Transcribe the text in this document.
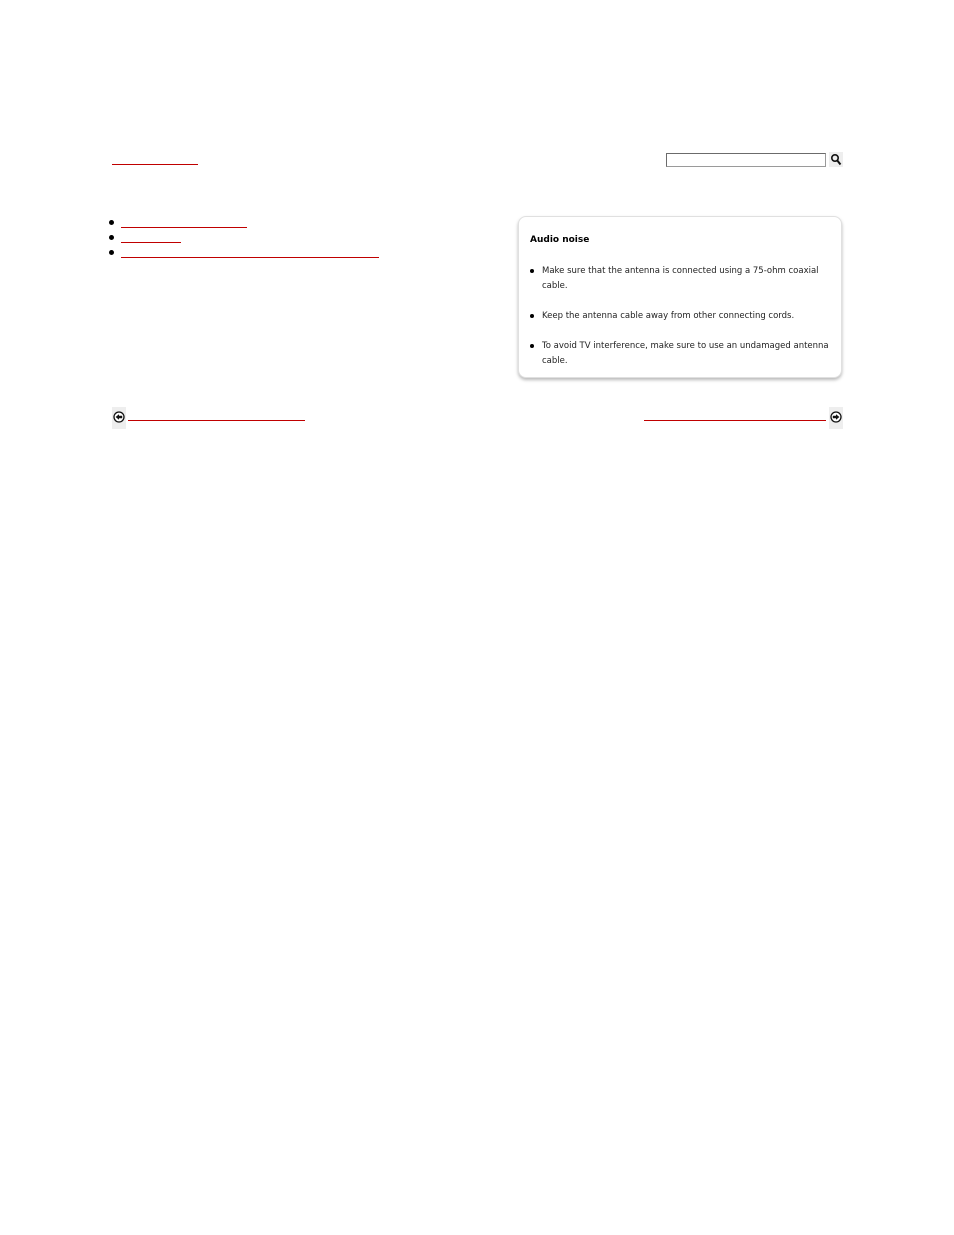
Audio noise
Make sure that the antenna is connected using a 75-ohm coaxial cable.
Keep the antenna cable away from other connecting cords.
To avoid TV interference, make sure to use an undamaged antenna cable.
